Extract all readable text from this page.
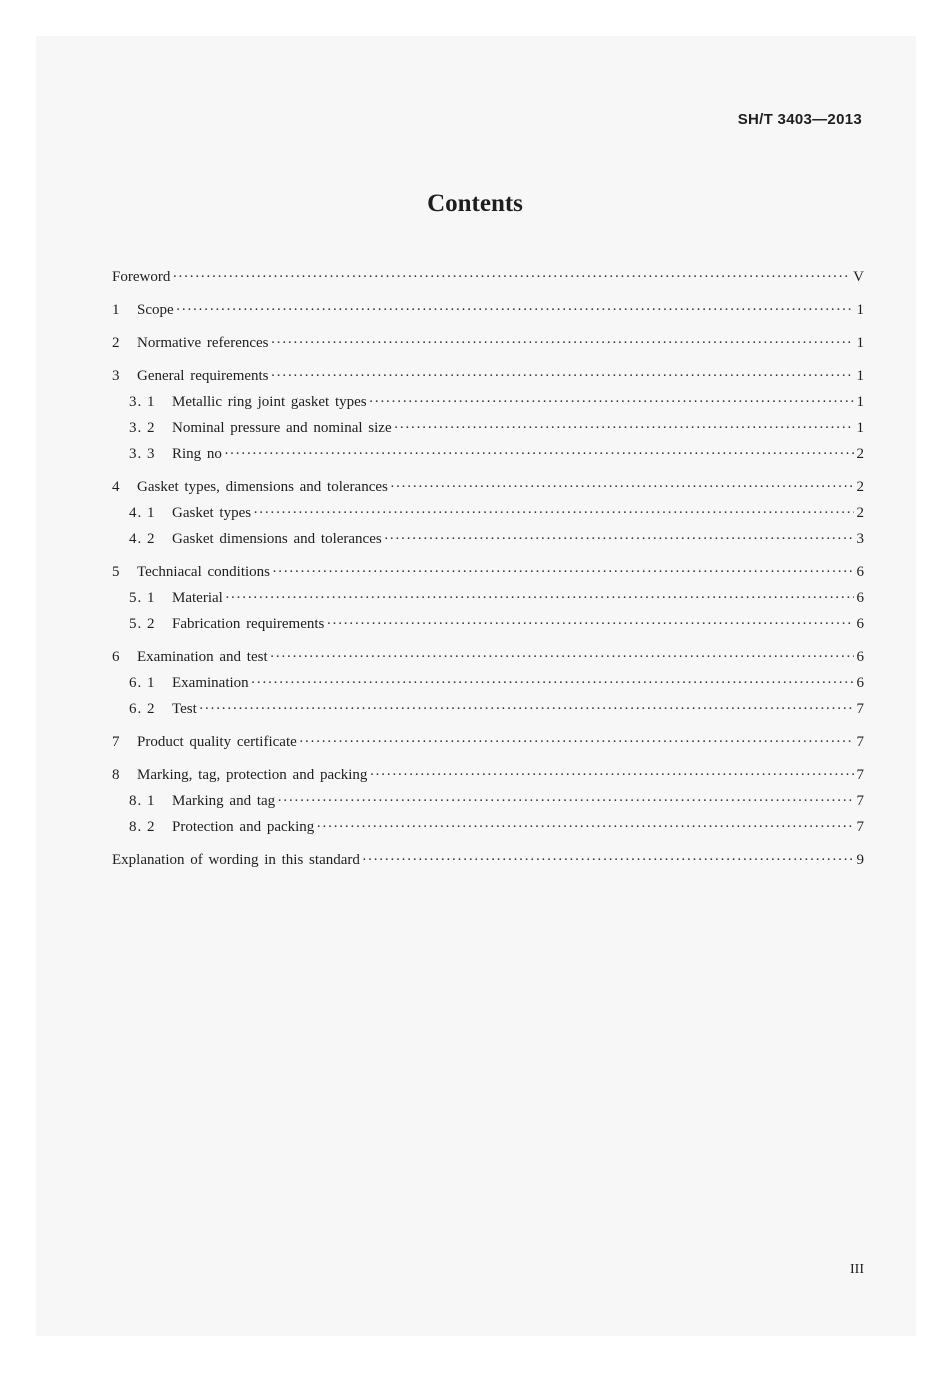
SH/T 3403—2013
Contents
Foreword ·····	V
1	Scope ·····	1
2	Normative references ·····	1
3	General requirements ·····	1
3. 1	Metallic ring joint gasket types ·····	1
3. 2	Nominal pressure and nominal size ·····	1
3. 3	Ring no ·····	2
4	Gasket types, dimensions and tolerances ·····	2
4. 1	Gasket types ·····	2
4. 2	Gasket dimensions and tolerances ·····	3
5	Techniacal conditions ·····	6
5. 1	Material ·····	6
5. 2	Fabrication requirements ·····	6
6	Examination and test ·····	6
6. 1	Examination ·····	6
6. 2	Test ·····	7
7	Product quality certificate ·····	7
8	Marking, tag, protection and packing ·····	7
8. 1	Marking and tag ·····	7
8. 2	Protection and packing ·····	7
Explanation of wording in this standard ·····	9
III
